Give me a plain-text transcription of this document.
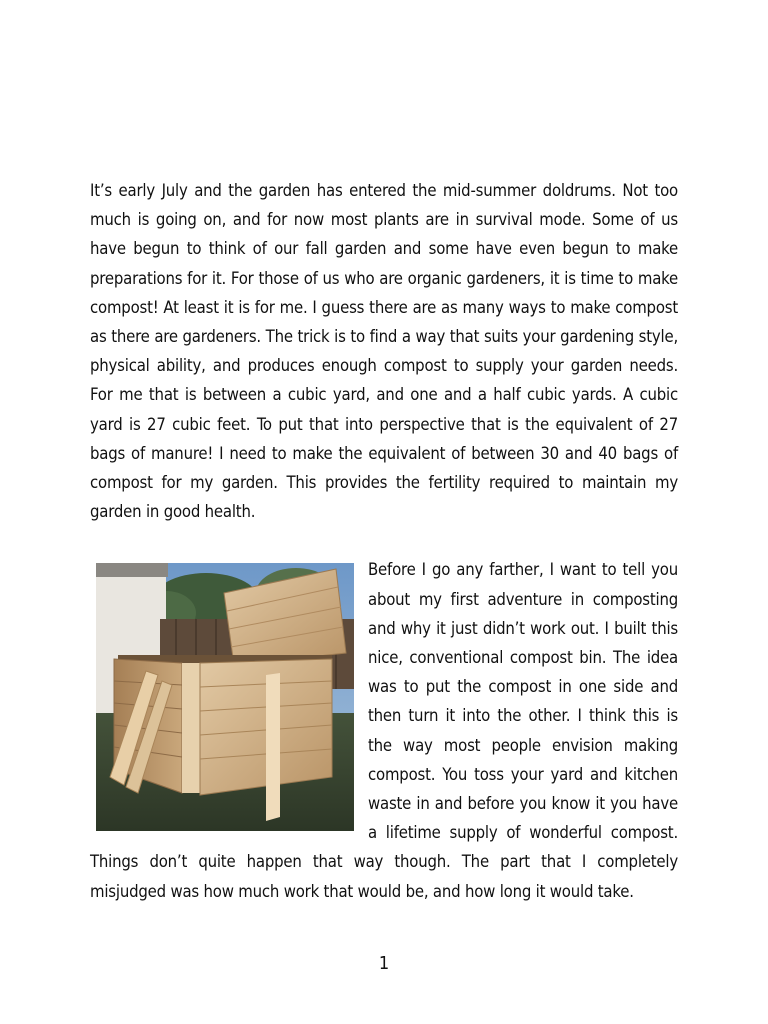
It’s early July and the garden has entered the mid-summer doldrums. Not too much is going on, and for now most plants are in survival mode. Some of us have begun to think of our fall garden and some have even begun to make preparations for it. For those of us who are organic gardeners, it is time to make compost! At least it is for me. I guess there are as many ways to make compost as there are gardeners. The trick is to find a way that suits your gardening style, physical ability, and produces enough compost to supply your garden needs. For me that is between a cubic yard, and one and a half cubic yards. A cubic yard is 27 cubic feet. To put that into perspective that is the equivalent of 27 bags of manure! I need to make the equivalent of between 30 and 40 bags of compost for my garden. This provides the fertility required to maintain my garden in good health.

Before I go any farther, I want to tell you about my first adventure in composting and why it just didn’t work out. I built this nice, conventional compost bin. The idea was to put the compost in one side and then turn it into the other. I think this is the way most people envision making compost. You toss your yard and kitchen waste in and before you know it you have a lifetime supply of wonderful compost. Things don’t quite happen that way though. The part that I completely misjudged was how much work that would be, and how long it would take.

1
